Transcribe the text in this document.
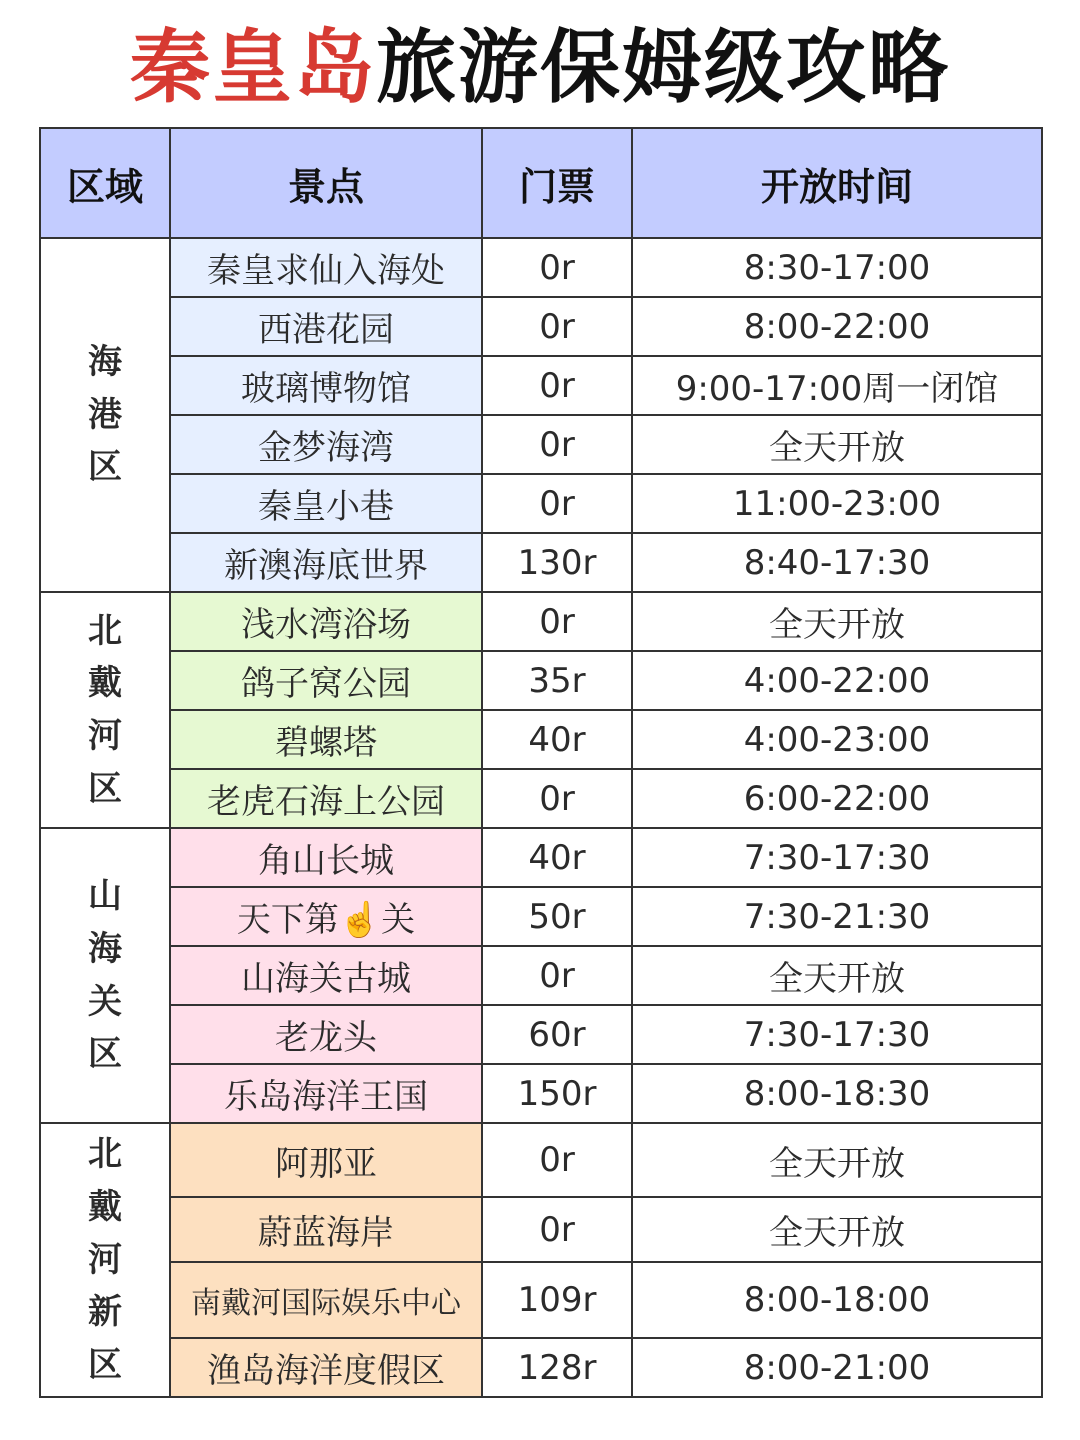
秦皇岛旅游保姆级攻略
区域	景点	门票	开放时间

海
港
区	秦皇求仙入海处	0r	8:30-17:00
	西港花园	0r	8:00-22:00
	玻璃博物馆	0r	9:00-17:00周一闭馆
	金梦海湾	0r	全天开放
	秦皇小巷	0r	11:00-23:00
	新澳海底世界	130r	8:40-17:30

北
戴
河
区	浅水湾浴场	0r	全天开放
	鸽子窝公园	35r	4:00-22:00
	碧螺塔	40r	4:00-23:00
	老虎石海上公园	0r	6:00-22:00

山
海
关
区	角山长城	40r	7:30-17:30
	天下第☝️关	50r	7:30-21:30
	山海关古城	0r	全天开放
	老龙头	60r	7:30-17:30
	乐岛海洋王国	150r	8:00-18:30

北
戴
河
新
区	阿那亚	0r	全天开放
	蔚蓝海岸	0r	全天开放
	南戴河国际娱乐中心	109r	8:00-18:00
	渔岛海洋度假区	128r	8:00-21:00
